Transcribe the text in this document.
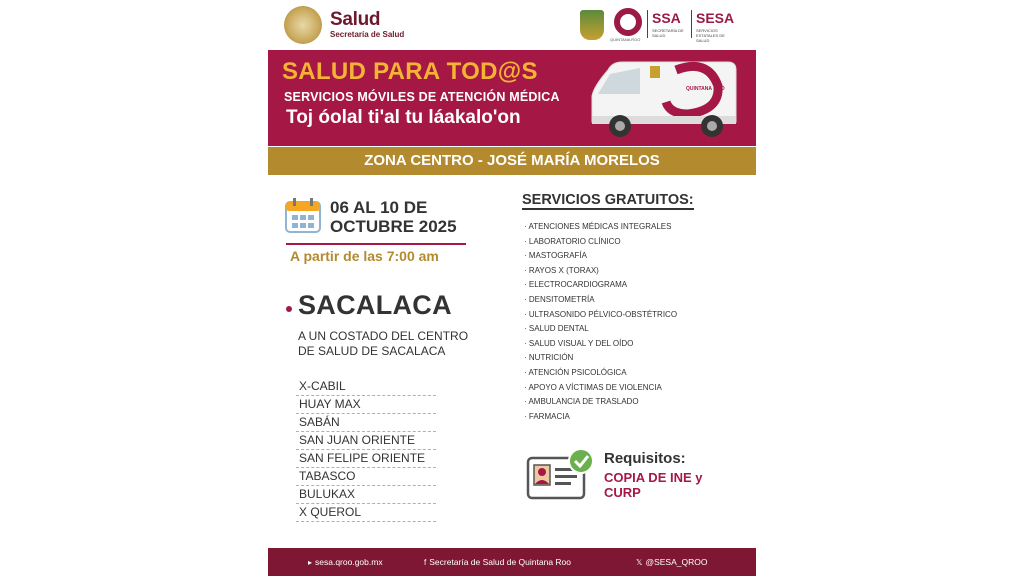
Salud
Secretaría de Salud
QUINTANA ROO
SSA
SECRETARÍA DE SALUD
SESA
SERVICIOS ESTATALES DE SALUD
SALUD PARA TOD@S
SERVICIOS MÓVILES DE ATENCIÓN MÉDICA
Toj óolal ti'al tu láakalo'on
QUINTANA ROO
ZONA CENTRO - JOSÉ MARÍA MORELOS
06 AL 10 DE
OCTUBRE 2025
A partir de las 7:00 am
SACALACA
A UN COSTADO DEL CENTRO DE SALUD DE SACALACA
X-CABIL
HUAY MAX
SABÁN
SAN JUAN ORIENTE
SAN FELIPE ORIENTE
TABASCO
BULUKAX
X QUEROL
SERVICIOS GRATUITOS:
· ATENCIONES MÉDICAS INTEGRALES
· LABORATORIO CLÍNICO
· MASTOGRAFÍA
· RAYOS X (TORAX)
· ELECTROCARDIOGRAMA
· DENSITOMETRÍA
· ULTRASONIDO PÉLVICO-OBSTÉTRICO
· SALUD DENTAL
· SALUD VISUAL Y DEL OÍDO
· NUTRICIÓN
· ATENCIÓN PSICOLÓGICA
· APOYO A VÍCTIMAS DE VIOLENCIA
· AMBULANCIA DE TRASLADO
· FARMACIA
Requisitos:
COPIA DE INE y CURP
▸ sesa.qroo.gob.mx	f Secretaría de Salud de Quintana Roo	𝕏 @SESA_QROO
